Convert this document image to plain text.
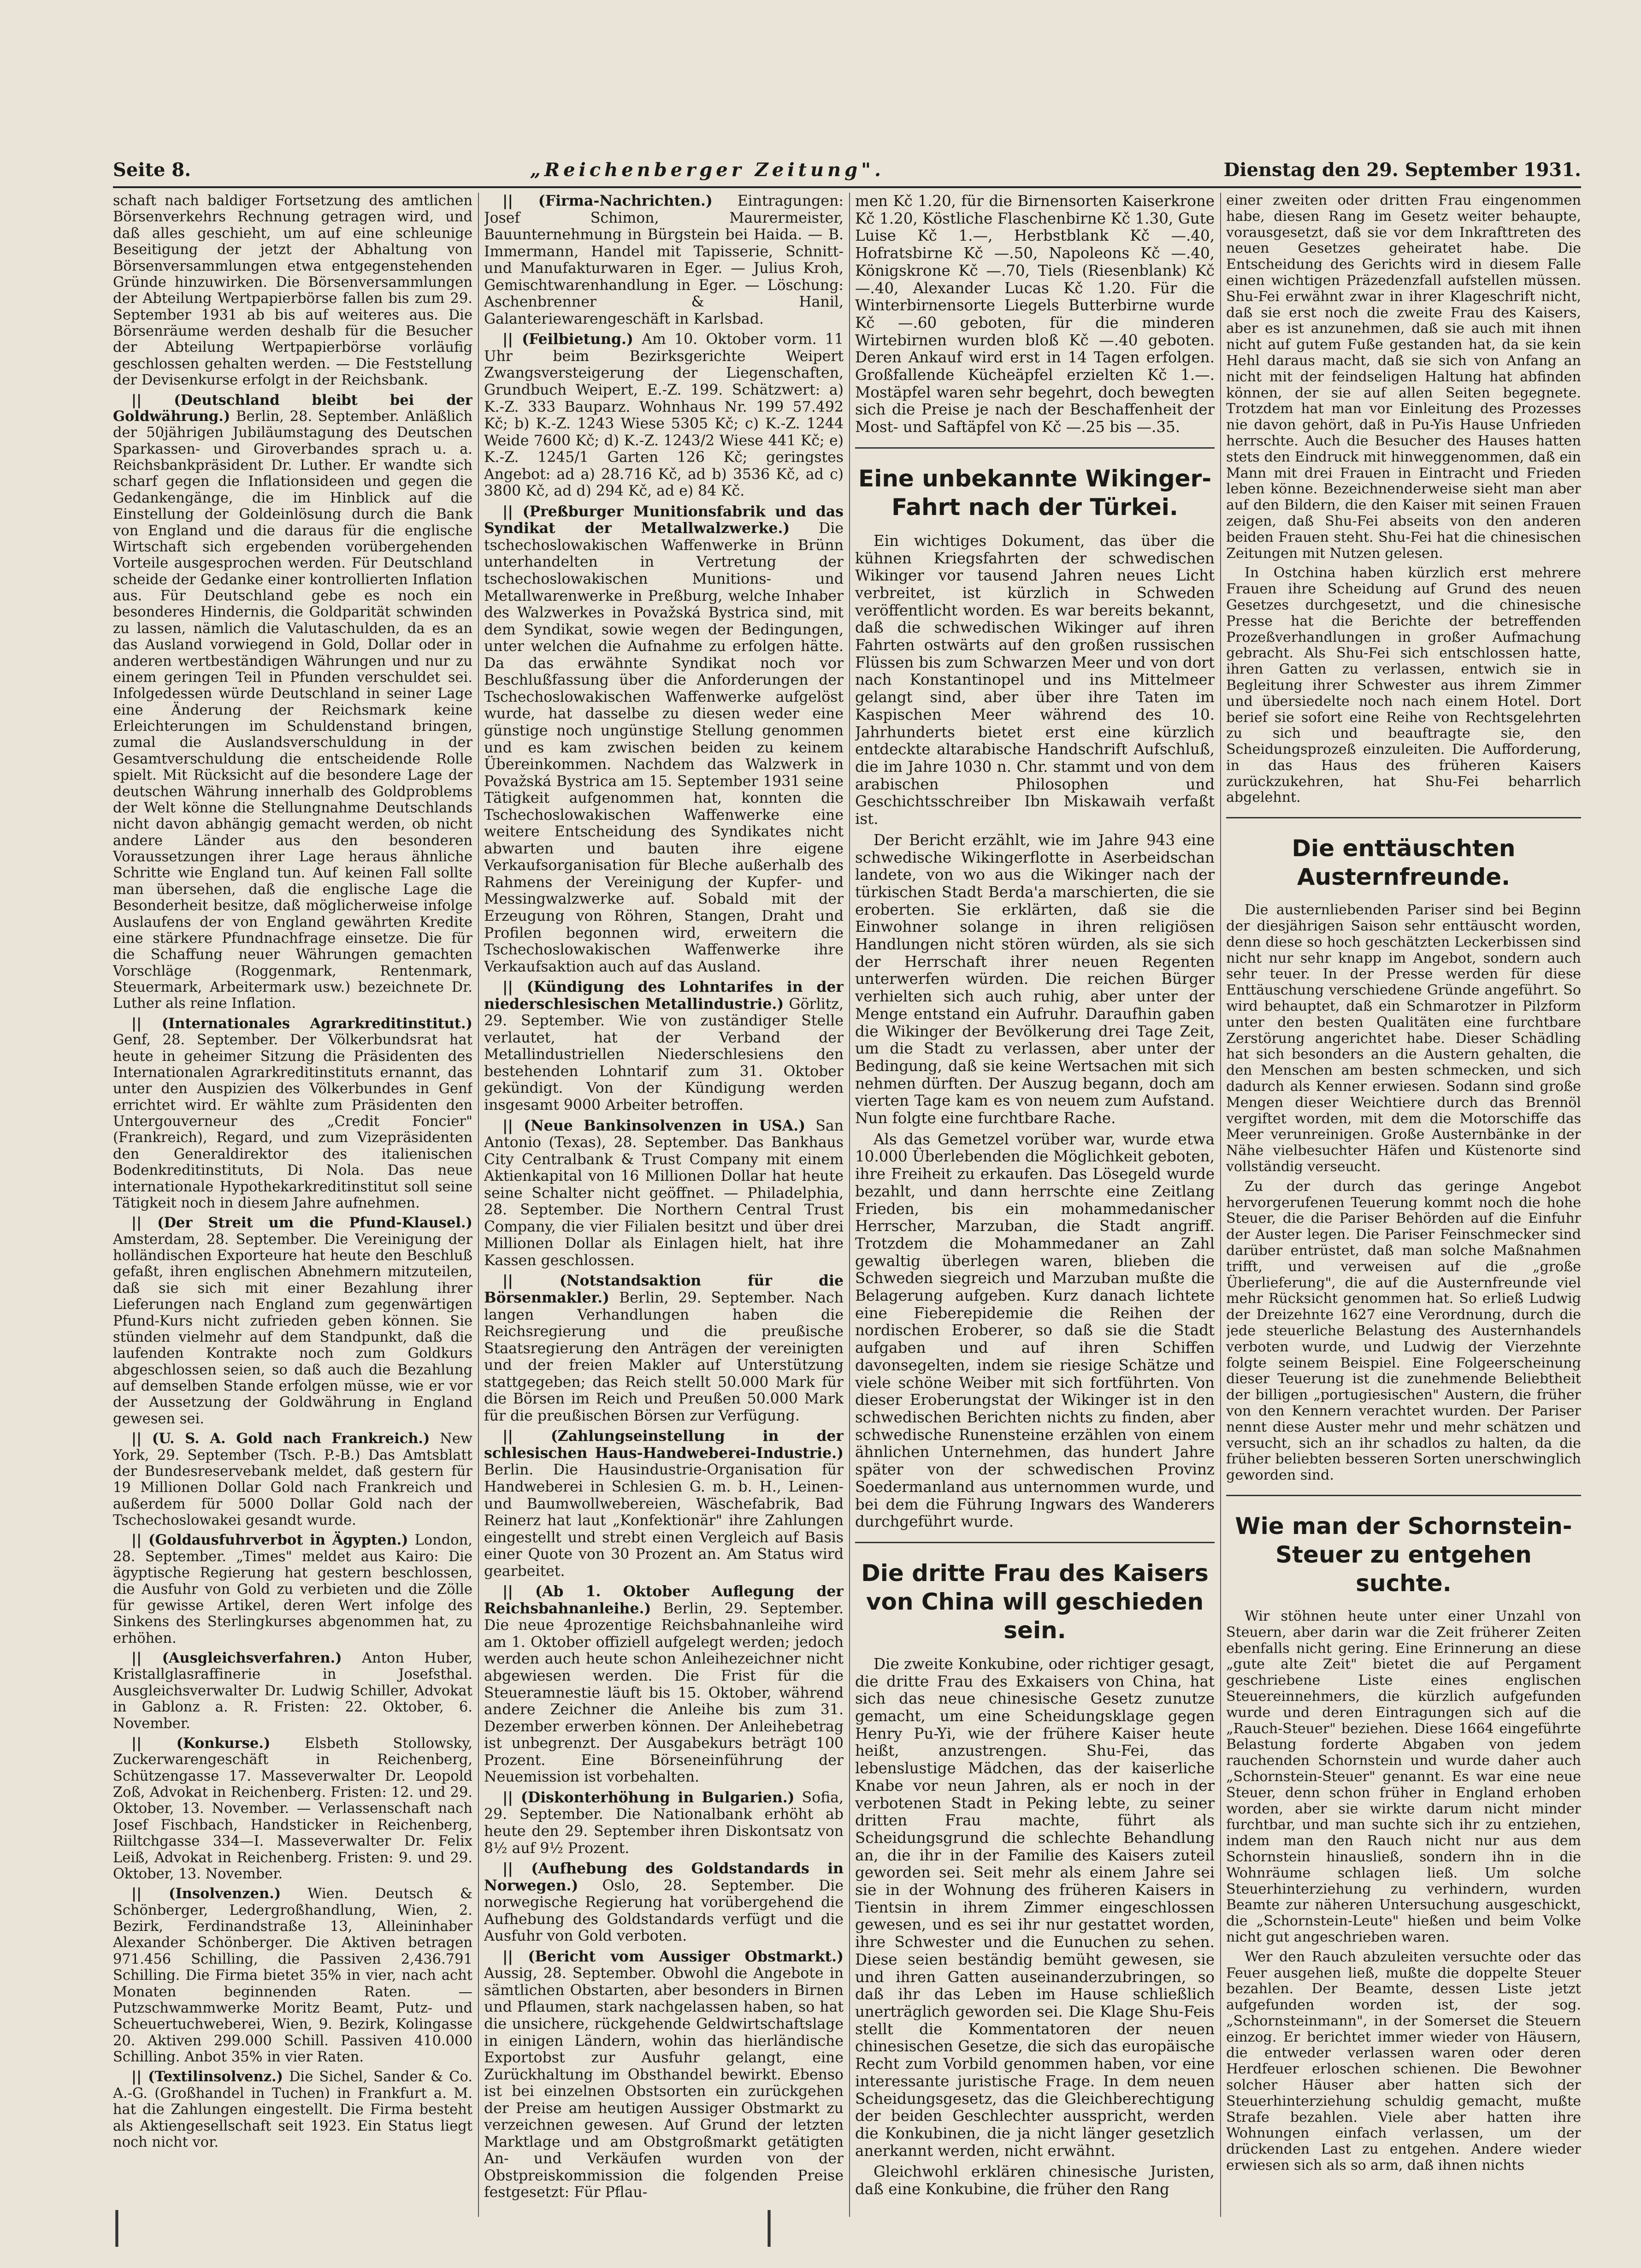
Seite 8.	„Reichenberger Zeitung".	Dienstag den 29. September 1931.

schaft nach baldiger Fortsetzung des amtlichen Börsenverkehrs Rechnung getragen wird, und daß alles geschieht, um auf eine schleunige Beseitigung der jetzt der Abhaltung von Börsenversammlungen etwa entgegenstehenden Gründe hinzuwirken. Die Börsenversammlungen der Abteilung Wertpapierbörse fallen bis zum 29. September 1931 ab bis auf weiteres aus. Die Börsenräume werden deshalb für die Besucher der Abteilung Wertpapierbörse vorläufig geschlossen gehalten werden. — Die Feststellung der Devisenkurse erfolgt in der Reichsbank.

|| (Deutschland bleibt bei der Goldwährung.) Berlin, 28. September. Anläßlich der 50jährigen Jubiläumstagung des Deutschen Sparkassen- und Giroverbandes sprach u. a. Reichsbankpräsident Dr. Luther. Er wandte sich scharf gegen die Inflationsideen und gegen die Gedankengänge, die im Hinblick auf die Einstellung der Goldeinlösung durch die Bank von England und die daraus für die englische Wirtschaft sich ergebenden vorübergehenden Vorteile ausgesprochen werden. Für Deutschland scheide der Gedanke einer kontrollierten Inflation aus. Für Deutschland gebe es noch ein besonderes Hindernis, die Goldparität schwinden zu lassen, nämlich die Valutaschulden, da es an das Ausland vorwiegend in Gold, Dollar oder in anderen wertbeständigen Währungen und nur zu einem geringen Teil in Pfunden verschuldet sei. Infolgedessen würde Deutschland in seiner Lage eine Änderung der Reichsmark keine Erleichterungen im Schuldenstand bringen, zumal die Auslandsverschuldung in der Gesamtverschuldung die entscheidende Rolle spielt. Mit Rücksicht auf die besondere Lage der deutschen Währung innerhalb des Goldproblems der Welt könne die Stellungnahme Deutschlands nicht davon abhängig gemacht werden, ob nicht andere Länder aus den besonderen Voraussetzungen ihrer Lage heraus ähnliche Schritte wie England tun. Auf keinen Fall sollte man übersehen, daß die englische Lage die Besonderheit besitze, daß möglicherweise infolge Auslaufens der von England gewährten Kredite eine stärkere Pfundnachfrage einsetze. Die für die Schaffung neuer Währungen gemachten Vorschläge (Roggenmark, Rentenmark, Steuermark, Arbeitermark usw.) bezeichnete Dr. Luther als reine Inflation.

|| (Internationales Agrarkreditinstitut.) Genf, 28. September. Der Völkerbundsrat hat heute in geheimer Sitzung die Präsidenten des Internationalen Agrarkreditinstituts ernannt, das unter den Auspizien des Völkerbundes in Genf errichtet wird. Er wählte zum Präsidenten den Untergouverneur des „Credit Foncier" (Frankreich), Regard, und zum Vizepräsidenten den Generaldirektor des italienischen Bodenkreditinstituts, Di Nola. Das neue internationale Hypothekarkreditinstitut soll seine Tätigkeit noch in diesem Jahre aufnehmen.

|| (Der Streit um die Pfund-Klausel.) Amsterdam, 28. September. Die Vereinigung der holländischen Exporteure hat heute den Beschluß gefaßt, ihren englischen Abnehmern mitzuteilen, daß sie sich mit einer Bezahlung ihrer Lieferungen nach England zum gegenwärtigen Pfund-Kurs nicht zufrieden geben können. Sie stünden vielmehr auf dem Standpunkt, daß die laufenden Kontrakte noch zum Goldkurs abgeschlossen seien, so daß auch die Bezahlung auf demselben Stande erfolgen müsse, wie er vor der Aussetzung der Goldwährung in England gewesen sei.

|| (U. S. A. Gold nach Frankreich.) New York, 29. September (Tsch. P.-B.) Das Amtsblatt der Bundesreservebank meldet, daß gestern für 19 Millionen Dollar Gold nach Frankreich und außerdem für 5000 Dollar Gold nach der Tschechoslowakei gesandt wurde.

|| (Goldausfuhrverbot in Ägypten.) London, 28. September. „Times" meldet aus Kairo: Die ägyptische Regierung hat gestern beschlossen, die Ausfuhr von Gold zu verbieten und die Zölle für gewisse Artikel, deren Wert infolge des Sinkens des Sterlingkurses abgenommen hat, zu erhöhen.

|| (Ausgleichsverfahren.) Anton Huber, Kristallglasraffinerie in Josefsthal. Ausgleichsverwalter Dr. Ludwig Schiller, Advokat in Gablonz a. R. Fristen: 22. Oktober, 6. November.

|| (Konkurse.) Elsbeth Stollowsky, Zuckerwarengeschäft in Reichenberg, Schützengasse 17. Masseverwalter Dr. Leopold Zoß, Advokat in Reichenberg. Fristen: 12. und 29. Oktober, 13. November. — Verlassenschaft nach Josef Fischbach, Handsticker in Reichenberg, Riiltchgasse 334—I. Masseverwalter Dr. Felix Leiß, Advokat in Reichenberg. Fristen: 9. und 29. Oktober, 13. November.

|| (Insolvenzen.) Wien. Deutsch & Schönberger, Ledergroßhandlung, Wien, 2. Bezirk, Ferdinandstraße 13, Alleininhaber Alexander Schönberger. Die Aktiven betragen 971.456 Schilling, die Passiven 2,436.791 Schilling. Die Firma bietet 35% in vier, nach acht Monaten beginnenden Raten. — Putzschwammwerke Moritz Beamt, Putz- und Scheuertuchweberei, Wien, 9. Bezirk, Kolingasse 20. Aktiven 299.000 Schill. Passiven 410.000 Schilling. Anbot 35% in vier Raten.

|| (Textilinsolvenz.) Die Sichel, Sander & Co. A.-G. (Großhandel in Tuchen) in Frankfurt a. M. hat die Zahlungen eingestellt. Die Firma besteht als Aktiengesellschaft seit 1923. Ein Status liegt noch nicht vor.

|| (Firma-Nachrichten.) Eintragungen: Josef Schimon, Maurermeister, Bauunternehmung in Bürgstein bei Haida. — B. Immermann, Handel mit Tapisserie, Schnitt- und Manufakturwaren in Eger. — Julius Kroh, Gemischtwarenhandlung in Eger. — Löschung: Aschenbrenner & Hanil, Galanteriewarengeschäft in Karlsbad.

|| (Feilbietung.) Am 10. Oktober vorm. 11 Uhr beim Bezirksgerichte Weipert Zwangsversteigerung der Liegenschaften, Grundbuch Weipert, E.-Z. 199. Schätzwert: a) K.-Z. 333 Bauparz. Wohnhaus Nr. 199 57.492 Kč; b) K.-Z. 1243 Wiese 5305 Kč; c) K.-Z. 1244 Weide 7600 Kč; d) K.-Z. 1243/2 Wiese 441 Kč; e) K.-Z. 1245/1 Garten 126 Kč; geringstes Angebot: ad a) 28.716 Kč, ad b) 3536 Kč, ad c) 3800 Kč, ad d) 294 Kč, ad e) 84 Kč.

|| (Preßburger Munitionsfabrik und das Syndikat der Metallwalzwerke.) Die tschechoslowakischen Waffenwerke in Brünn unterhandelten in Vertretung der tschechoslowakischen Munitions- und Metallwarenwerke in Preßburg, welche Inhaber des Walzwerkes in Považská Bystrica sind, mit dem Syndikat, sowie wegen der Bedingungen, unter welchen die Aufnahme zu erfolgen hätte. Da das erwähnte Syndikat noch vor Beschlußfassung über die Anforderungen der Tschechoslowakischen Waffenwerke aufgelöst wurde, hat dasselbe zu diesen weder eine günstige noch ungünstige Stellung genommen und es kam zwischen beiden zu keinem Übereinkommen. Nachdem das Walzwerk in Považská Bystrica am 15. September 1931 seine Tätigkeit aufgenommen hat, konnten die Tschechoslowakischen Waffenwerke eine weitere Entscheidung des Syndikates nicht abwarten und bauten ihre eigene Verkaufsorganisation für Bleche außerhalb des Rahmens der Vereinigung der Kupfer- und Messingwalzwerke auf. Sobald mit der Erzeugung von Röhren, Stangen, Draht und Profilen begonnen wird, erweitern die Tschechoslowakischen Waffenwerke ihre Verkaufsaktion auch auf das Ausland.

|| (Kündigung des Lohntarifes in der niederschlesischen Metallindustrie.) Görlitz, 29. September. Wie von zuständiger Stelle verlautet, hat der Verband der Metallindustriellen Niederschlesiens den bestehenden Lohntarif zum 31. Oktober gekündigt. Von der Kündigung werden insgesamt 9000 Arbeiter betroffen.

|| (Neue Bankinsolvenzen in USA.) San Antonio (Texas), 28. September. Das Bankhaus City Centralbank & Trust Company mit einem Aktienkapital von 16 Millionen Dollar hat heute seine Schalter nicht geöffnet. — Philadelphia, 28. September. Die Northern Central Trust Company, die vier Filialen besitzt und über drei Millionen Dollar als Einlagen hielt, hat ihre Kassen geschlossen.

|| (Notstandsaktion für die Börsenmakler.) Berlin, 29. September. Nach langen Verhandlungen haben die Reichsregierung und die preußische Staatsregierung den Anträgen der vereinigten und der freien Makler auf Unterstützung stattgegeben; das Reich stellt 50.000 Mark für die Börsen im Reich und Preußen 50.000 Mark für die preußischen Börsen zur Verfügung.

|| (Zahlungseinstellung in der schlesischen Haus-Handweberei-Industrie.) Berlin. Die Hausindustrie-Organisation für Handweberei in Schlesien G. m. b. H., Leinen- und Baumwollwebereien, Wäschefabrik, Bad Reinerz hat laut „Konfektionär" ihre Zahlungen eingestellt und strebt einen Vergleich auf Basis einer Quote von 30 Prozent an. Am Status wird gearbeitet.

|| (Ab 1. Oktober Auflegung der Reichsbahnanleihe.) Berlin, 29. September. Die neue 4prozentige Reichsbahnanleihe wird am 1. Oktober offiziell aufgelegt werden; jedoch werden auch heute schon Anleihezeichner nicht abgewiesen werden. Die Frist für die Steueramnestie läuft bis 15. Oktober, während andere Zeichner die Anleihe bis zum 31. Dezember erwerben können. Der Anleihebetrag ist unbegrenzt. Der Ausgabekurs beträgt 100 Prozent. Eine Börseneinführung der Neuemission ist vorbehalten.

|| (Diskonterhöhung in Bulgarien.) Sofia, 29. September. Die Nationalbank erhöht ab heute den 29. September ihren Diskontsatz von 8½ auf 9½ Prozent.

|| (Aufhebung des Goldstandards in Norwegen.) Oslo, 28. September. Die norwegische Regierung hat vorübergehend die Aufhebung des Goldstandards verfügt und die Ausfuhr von Gold verboten.

|| (Bericht vom Aussiger Obstmarkt.) Aussig, 28. September. Obwohl die Angebote in sämtlichen Obstarten, aber besonders in Birnen und Pflaumen, stark nachgelassen haben, so hat die unsichere, rückgehende Geldwirtschaftslage in einigen Ländern, wohin das hierländische Exportobst zur Ausfuhr gelangt, eine Zurückhaltung im Obsthandel bewirkt. Ebenso ist bei einzelnen Obstsorten ein zurückgehen der Preise am heutigen Aussiger Obstmarkt zu verzeichnen gewesen. Auf Grund der letzten Marktlage und am Obstgroßmarkt getätigten An- und Verkäufen wurden von der Obstpreiskommission die folgenden Preise festgesetzt: Für Pflau-

men Kč 1.20, für die Birnensorten Kaiserkrone Kč 1.20, Köstliche Flaschenbirne Kč 1.30, Gute Luise Kč 1.—, Herbstblank Kč —.40, Hofratsbirne Kč —.50, Napoleons Kč —.40, Königskrone Kč —.70, Tiels (Riesenblank) Kč —.40, Alexander Lucas Kč 1.20. Für die Winterbirnensorte Liegels Butterbirne wurde Kč —.60 geboten, für die minderen Wirtebirnen wurden bloß Kč —.40 geboten. Deren Ankauf wird erst in 14 Tagen erfolgen. Großfallende Kücheäpfel erzielten Kč 1.—. Mostäpfel waren sehr begehrt, doch bewegten sich die Preise je nach der Beschaffenheit der Most- und Saftäpfel von Kč —.25 bis —.35.

Eine unbekannte Wikinger-Fahrt nach der Türkei.

Ein wichtiges Dokument, das über die kühnen Kriegsfahrten der schwedischen Wikinger vor tausend Jahren neues Licht verbreitet, ist kürzlich in Schweden veröffentlicht worden. Es war bereits bekannt, daß die schwedischen Wikinger auf ihren Fahrten ostwärts auf den großen russischen Flüssen bis zum Schwarzen Meer und von dort nach Konstantinopel und ins Mittelmeer gelangt sind, aber über ihre Taten im Kaspischen Meer während des 10. Jahrhunderts bietet erst eine kürzlich entdeckte altarabische Handschrift Aufschluß, die im Jahre 1030 n. Chr. stammt und von dem arabischen Philosophen und Geschichtsschreiber Ibn Miskawaih verfaßt ist.

Der Bericht erzählt, wie im Jahre 943 eine schwedische Wikingerflotte in Aserbeidschan landete, von wo aus die Wikinger nach der türkischen Stadt Berda'a marschierten, die sie eroberten. Sie erklärten, daß sie die Einwohner solange in ihren religiösen Handlungen nicht stören würden, als sie sich der Herrschaft ihrer neuen Regenten unterwerfen würden. Die reichen Bürger verhielten sich auch ruhig, aber unter der Menge entstand ein Aufruhr. Daraufhin gaben die Wikinger der Bevölkerung drei Tage Zeit, um die Stadt zu verlassen, aber unter der Bedingung, daß sie keine Wertsachen mit sich nehmen dürften. Der Auszug begann, doch am vierten Tage kam es von neuem zum Aufstand. Nun folgte eine furchtbare Rache.

Als das Gemetzel vorüber war, wurde etwa 10.000 Überlebenden die Möglichkeit geboten, ihre Freiheit zu erkaufen. Das Lösegeld wurde bezahlt, und dann herrschte eine Zeitlang Frieden, bis ein mohammedanischer Herrscher, Marzuban, die Stadt angriff. Trotzdem die Mohammedaner an Zahl gewaltig überlegen waren, blieben die Schweden siegreich und Marzuban mußte die Belagerung aufgeben. Kurz danach lichtete eine Fieberepidemie die Reihen der nordischen Eroberer, so daß sie die Stadt aufgaben und auf ihren Schiffen davonsegelten, indem sie riesige Schätze und viele schöne Weiber mit sich fortführten. Von dieser Eroberungstat der Wikinger ist in den schwedischen Berichten nichts zu finden, aber schwedische Runensteine erzählen von einem ähnlichen Unternehmen, das hundert Jahre später von der schwedischen Provinz Soedermanland aus unternommen wurde, und bei dem die Führung Ingwars des Wanderers durchgeführt wurde.

Die dritte Frau des Kaisers von China will geschieden sein.

Die zweite Konkubine, oder richtiger gesagt, die dritte Frau des Exkaisers von China, hat sich das neue chinesische Gesetz zunutze gemacht, um eine Scheidungsklage gegen Henry Pu-Yi, wie der frühere Kaiser heute heißt, anzustrengen. Shu-Fei, das lebenslustige Mädchen, das der kaiserliche Knabe vor neun Jahren, als er noch in der verbotenen Stadt in Peking lebte, zu seiner dritten Frau machte, führt als Scheidungsgrund die schlechte Behandlung an, die ihr in der Familie des Kaisers zuteil geworden sei. Seit mehr als einem Jahre sei sie in der Wohnung des früheren Kaisers in Tientsin in ihrem Zimmer eingeschlossen gewesen, und es sei ihr nur gestattet worden, ihre Schwester und die Eunuchen zu sehen. Diese seien beständig bemüht gewesen, sie und ihren Gatten auseinanderzubringen, so daß ihr das Leben im Hause schließlich unerträglich geworden sei. Die Klage Shu-Feis stellt die Kommentatoren der neuen chinesischen Gesetze, die sich das europäische Recht zum Vorbild genommen haben, vor eine interessante juristische Frage. In dem neuen Scheidungsgesetz, das die Gleichberechtigung der beiden Geschlechter ausspricht, werden die Konkubinen, die ja nicht länger gesetzlich anerkannt werden, nicht erwähnt.

Gleichwohl erklären chinesische Juristen, daß eine Konkubine, die früher den Rang

einer zweiten oder dritten Frau eingenommen habe, diesen Rang im Gesetz weiter behaupte, vorausgesetzt, daß sie vor dem Inkrafttreten des neuen Gesetzes geheiratet habe. Die Entscheidung des Gerichts wird in diesem Falle einen wichtigen Präzedenzfall aufstellen müssen. Shu-Fei erwähnt zwar in ihrer Klageschrift nicht, daß sie erst noch die zweite Frau des Kaisers, aber es ist anzunehmen, daß sie auch mit ihnen nicht auf gutem Fuße gestanden hat, da sie kein Hehl daraus macht, daß sie sich von Anfang an nicht mit der feindseligen Haltung hat abfinden können, der sie auf allen Seiten begegnete. Trotzdem hat man vor Einleitung des Prozesses nie davon gehört, daß in Pu-Yis Hause Unfrieden herrschte. Auch die Besucher des Hauses hatten stets den Eindruck mit hinweggenommen, daß ein Mann mit drei Frauen in Eintracht und Frieden leben könne. Bezeichnenderweise sieht man aber auf den Bildern, die den Kaiser mit seinen Frauen zeigen, daß Shu-Fei abseits von den anderen beiden Frauen steht. Shu-Fei hat die chinesischen Zeitungen mit Nutzen gelesen.

In Ostchina haben kürzlich erst mehrere Frauen ihre Scheidung auf Grund des neuen Gesetzes durchgesetzt, und die chinesische Presse hat die Berichte der betreffenden Prozeßverhandlungen in großer Aufmachung gebracht. Als Shu-Fei sich entschlossen hatte, ihren Gatten zu verlassen, entwich sie in Begleitung ihrer Schwester aus ihrem Zimmer und übersiedelte noch nach einem Hotel. Dort berief sie sofort eine Reihe von Rechtsgelehrten zu sich und beauftragte sie, den Scheidungsprozeß einzuleiten. Die Aufforderung, in das Haus des früheren Kaisers zurückzukehren, hat Shu-Fei beharrlich abgelehnt.

Die enttäuschten Austernfreunde.

Die austernliebenden Pariser sind bei Beginn der diesjährigen Saison sehr enttäuscht worden, denn diese so hoch geschätzten Leckerbissen sind nicht nur sehr knapp im Angebot, sondern auch sehr teuer. In der Presse werden für diese Enttäuschung verschiedene Gründe angeführt. So wird behauptet, daß ein Schmarotzer in Pilzform unter den besten Qualitäten eine furchtbare Zerstörung angerichtet habe. Dieser Schädling hat sich besonders an die Austern gehalten, die den Menschen am besten schmecken, und sich dadurch als Kenner erwiesen. Sodann sind große Mengen dieser Weichtiere durch das Brennöl vergiftet worden, mit dem die Motorschiffe das Meer verunreinigen. Große Austernbänke in der Nähe vielbesuchter Häfen und Küstenorte sind vollständig verseucht.

Zu der durch das geringe Angebot hervorgerufenen Teuerung kommt noch die hohe Steuer, die die Pariser Behörden auf die Einfuhr der Auster legen. Die Pariser Feinschmecker sind darüber entrüstet, daß man solche Maßnahmen trifft, und verweisen auf die „große Überlieferung", die auf die Austernfreunde viel mehr Rücksicht genommen hat. So erließ Ludwig der Dreizehnte 1627 eine Verordnung, durch die jede steuerliche Belastung des Austernhandels verboten wurde, und Ludwig der Vierzehnte folgte seinem Beispiel. Eine Folgeerscheinung dieser Teuerung ist die zunehmende Beliebtheit der billigen „portugiesischen" Austern, die früher von den Kennern verachtet wurden. Der Pariser nennt diese Auster mehr und mehr schätzen und versucht, sich an ihr schadlos zu halten, da die früher beliebten besseren Sorten unerschwinglich geworden sind.

Wie man der Schornstein-Steuer zu entgehen suchte.

Wir stöhnen heute unter einer Unzahl von Steuern, aber darin war die Zeit früherer Zeiten ebenfalls nicht gering. Eine Erinnerung an diese „gute alte Zeit" bietet die auf Pergament geschriebene Liste eines englischen Steuereinnehmers, die kürzlich aufgefunden wurde und deren Eintragungen sich auf die „Rauch-Steuer" beziehen. Diese 1664 eingeführte Belastung forderte Abgaben von jedem rauchenden Schornstein und wurde daher auch „Schornstein-Steuer" genannt. Es war eine neue Steuer, denn schon früher in England erhoben worden, aber sie wirkte darum nicht minder furchtbar, und man suchte sich ihr zu entziehen, indem man den Rauch nicht nur aus dem Schornstein hinausließ, sondern ihn in die Wohnräume schlagen ließ. Um solche Steuerhinterziehung zu verhindern, wurden Beamte zur näheren Untersuchung ausgeschickt, die „Schornstein-Leute" hießen und beim Volke nicht gut angeschrieben waren.

Wer den Rauch abzuleiten versuchte oder das Feuer ausgehen ließ, mußte die doppelte Steuer bezahlen. Der Beamte, dessen Liste jetzt aufgefunden worden ist, der sog. „Schornsteinmann", in der Somerset die Steuern einzog. Er berichtet immer wieder von Häusern, die entweder verlassen waren oder deren Herdfeuer erloschen schienen. Die Bewohner solcher Häuser aber hatten sich der Steuerhinterziehung schuldig gemacht, mußte Strafe bezahlen. Viele aber hatten ihre Wohnungen einfach verlassen, um der drückenden Last zu entgehen. Andere wieder erwiesen sich als so arm, daß ihnen nichts

|	|
